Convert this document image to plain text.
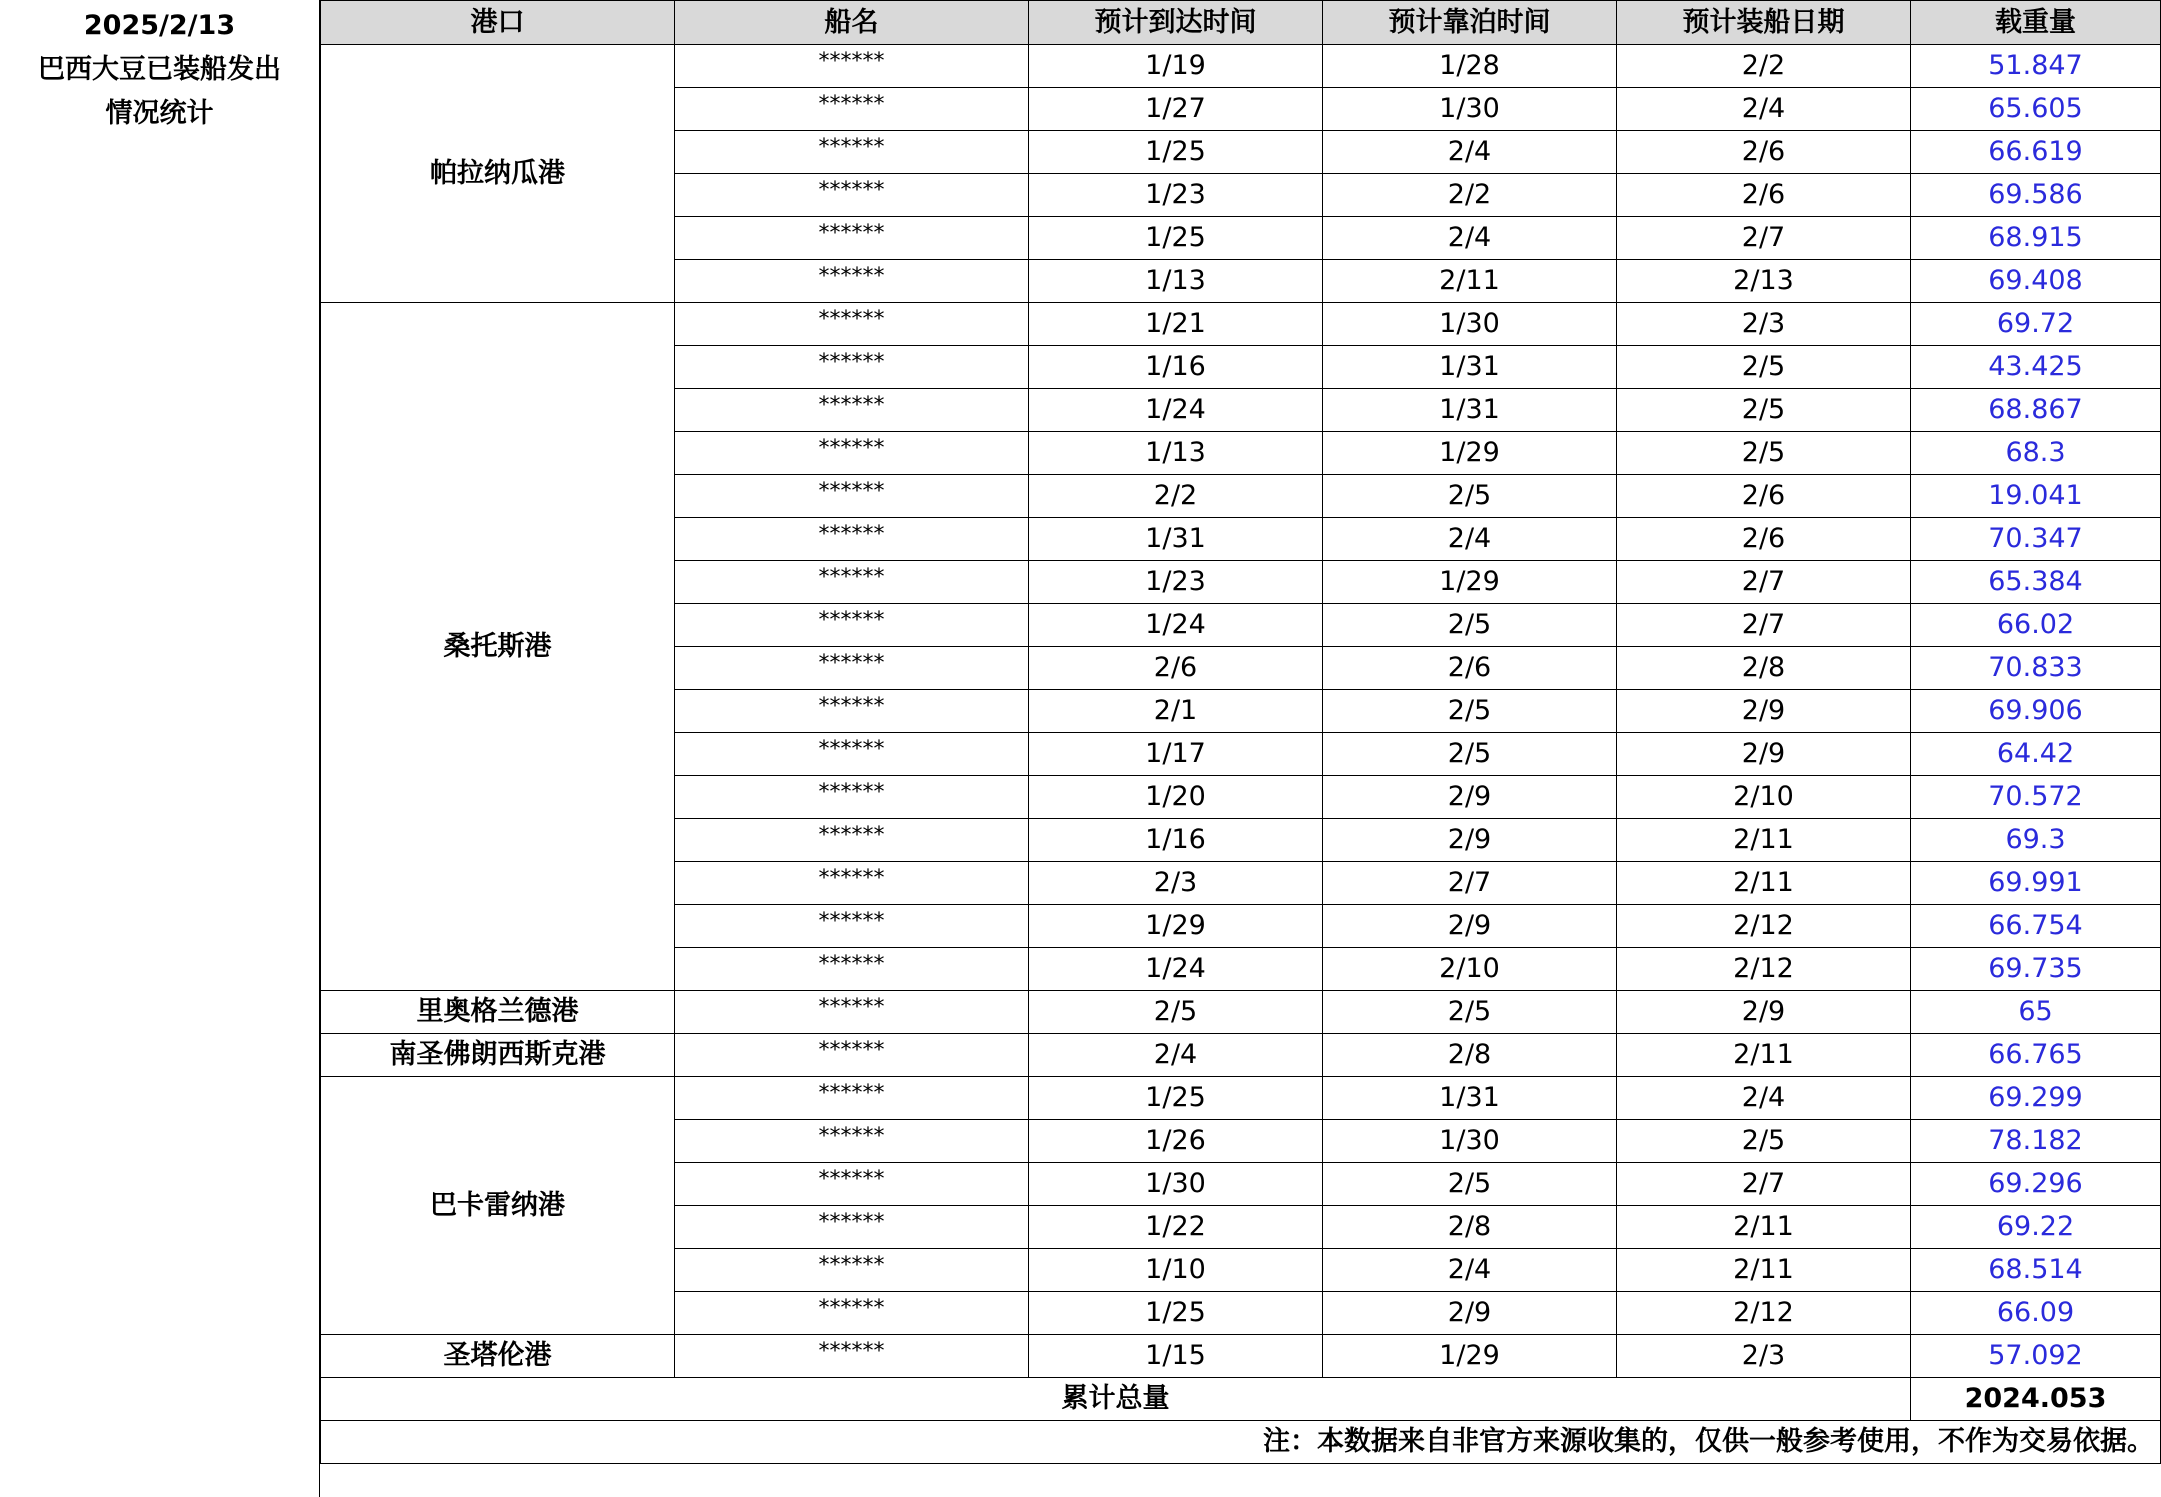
2025/2/13
巴西大豆已装船发出
情况统计
港口	船名	预计到达时间	预计靠泊时间	预计装船日期	载重量
帕拉纳瓜港	******	1/19	1/28	2/2	51.847
	******	1/27	1/30	2/4	65.605
	******	1/25	2/4	2/6	66.619
	******	1/23	2/2	2/6	69.586
	******	1/25	2/4	2/7	68.915
	******	1/13	2/11	2/13	69.408
桑托斯港	******	1/21	1/30	2/3	69.72
	******	1/16	1/31	2/5	43.425
	******	1/24	1/31	2/5	68.867
	******	1/13	1/29	2/5	68.3
	******	2/2	2/5	2/6	19.041
	******	1/31	2/4	2/6	70.347
	******	1/23	1/29	2/7	65.384
	******	1/24	2/5	2/7	66.02
	******	2/6	2/6	2/8	70.833
	******	2/1	2/5	2/9	69.906
	******	1/17	2/5	2/9	64.42
	******	1/20	2/9	2/10	70.572
	******	1/16	2/9	2/11	69.3
	******	2/3	2/7	2/11	69.991
	******	1/29	2/9	2/12	66.754
	******	1/24	2/10	2/12	69.735
里奥格兰德港	******	2/5	2/5	2/9	65
南圣佛朗西斯克港	******	2/4	2/8	2/11	66.765
巴卡雷纳港	******	1/25	1/31	2/4	69.299
	******	1/26	1/30	2/5	78.182
	******	1/30	2/5	2/7	69.296
	******	1/22	2/8	2/11	69.22
	******	1/10	2/4	2/11	68.514
	******	1/25	2/9	2/12	66.09
圣塔伦港	******	1/15	1/29	2/3	57.092
累计总量					2024.053
注：本数据来自非官方来源收集的，仅供一般参考使用，不作为交易依据。					
